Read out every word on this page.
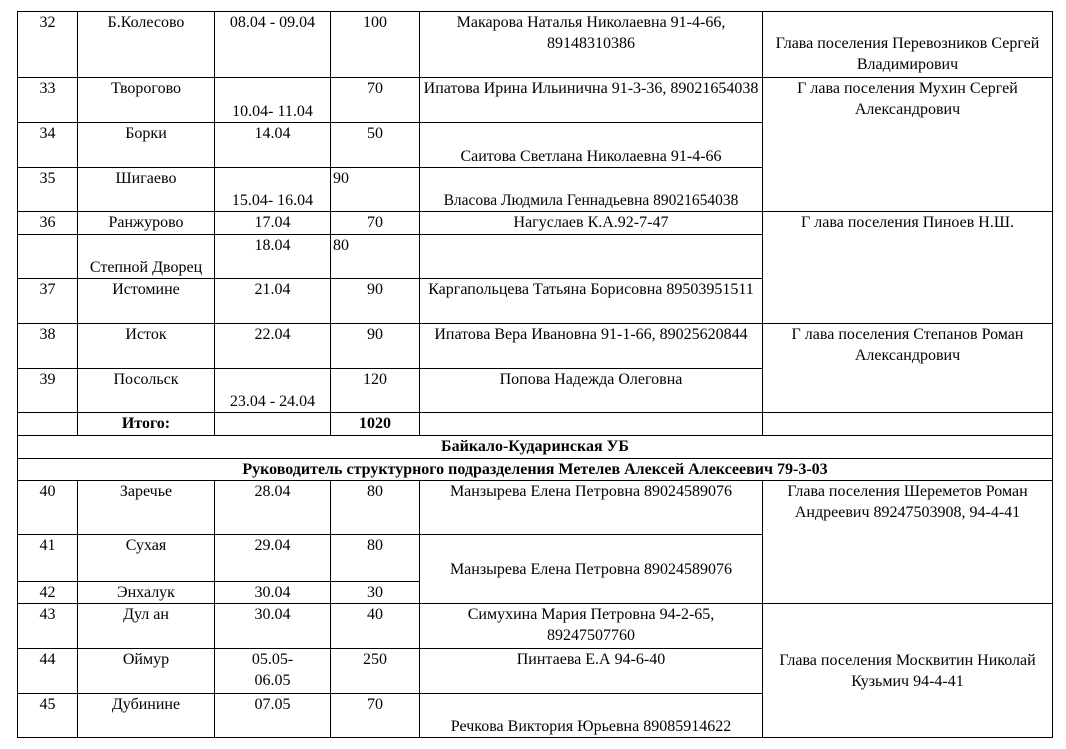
32	Б.Колесово	08.04 - 09.04	100	Макарова Наталья Николаевна 91-4-66, 89148310386	Глава поселения Перевозников Сергей Владимирович
33	Творогово	10.04- 11.04	70	Ипатова Ирина Ильинична 91-3-36, 89021654038	Г лава поселения Мухин Сергей Александрович
34	Борки	14.04	50	Саитова Светлана Николаевна 91-4-66	
35	Шигаево	15.04- 16.04	90	Власова Людмила Геннадьевна 89021654038	
36	Ранжурово	17.04	70	Нагуслаев К.А.92-7-47	Г лава поселения Пиноев Н.Ш.
	Степной Дворец	18.04	80		
37	Истомине	21.04	90	Каргапольцева Татьяна Борисовна 89503951511	
38	Исток	22.04	90	Ипатова Вера Ивановна 91-1-66, 89025620844	Г лава поселения Степанов Роман Александрович
39	Посольск	23.04 - 24.04	120	Попова Надежда Олеговна	
	Итого:		1020		
Байкало-Кударинская УБ					
Руководитель структурного подразделения Метелев Алексей Алексеевич 79-3-03					
40	Заречье	28.04	80	Манзырева Елена Петровна 89024589076	Глава поселения Шереметов Роман Андреевич 89247503908, 94-4-41
41	Сухая	29.04	80	Манзырева Елена Петровна 89024589076	
42	Энхалук	30.04	30		
43	Дул ан	30.04	40	Симухина Мария Петровна 94-2-65, 89247507760	Глава поселения Москвитин Николай Кузьмич 94-4-41
44	Оймур	05.05- 06.05	250	Пинтаева Е.А 94-6-40	
45	Дубинине	07.05	70	Речкова Виктория Юрьевна 89085914622	
